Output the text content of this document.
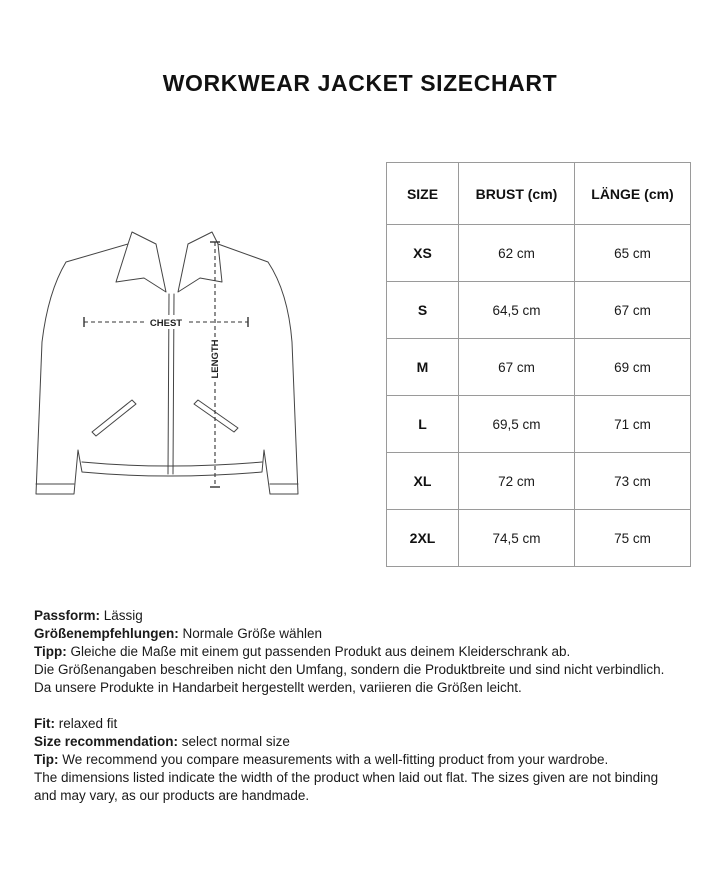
WORKWEAR JACKET SIZECHART
CHEST
LENGTH
SIZE	BRUST (cm)	LÄNGE (cm)
XS	62 cm	65 cm
S	64,5 cm	67 cm
M	67 cm	69 cm
L	69,5 cm	71 cm
XL	72 cm	73 cm
2XL	74,5 cm	75 cm

Passform: Lässig

Größenempfehlungen: Normale Größe wählen

Tipp: Gleiche die Maße mit einem gut passenden Produkt aus deinem Kleiderschrank ab.

Die Größenangaben beschreiben nicht den Umfang, sondern die Produktbreite und sind nicht verbindlich.

Da unsere Produkte in Handarbeit hergestellt werden, variieren die Größen leicht.

Fit: relaxed fit

Size recommendation: select normal size

Tip: We recommend you compare measurements with a well-fitting product from your wardrobe.

The dimensions listed indicate the width of the product when laid out flat. The sizes given are not binding

and may vary, as our products are handmade.
